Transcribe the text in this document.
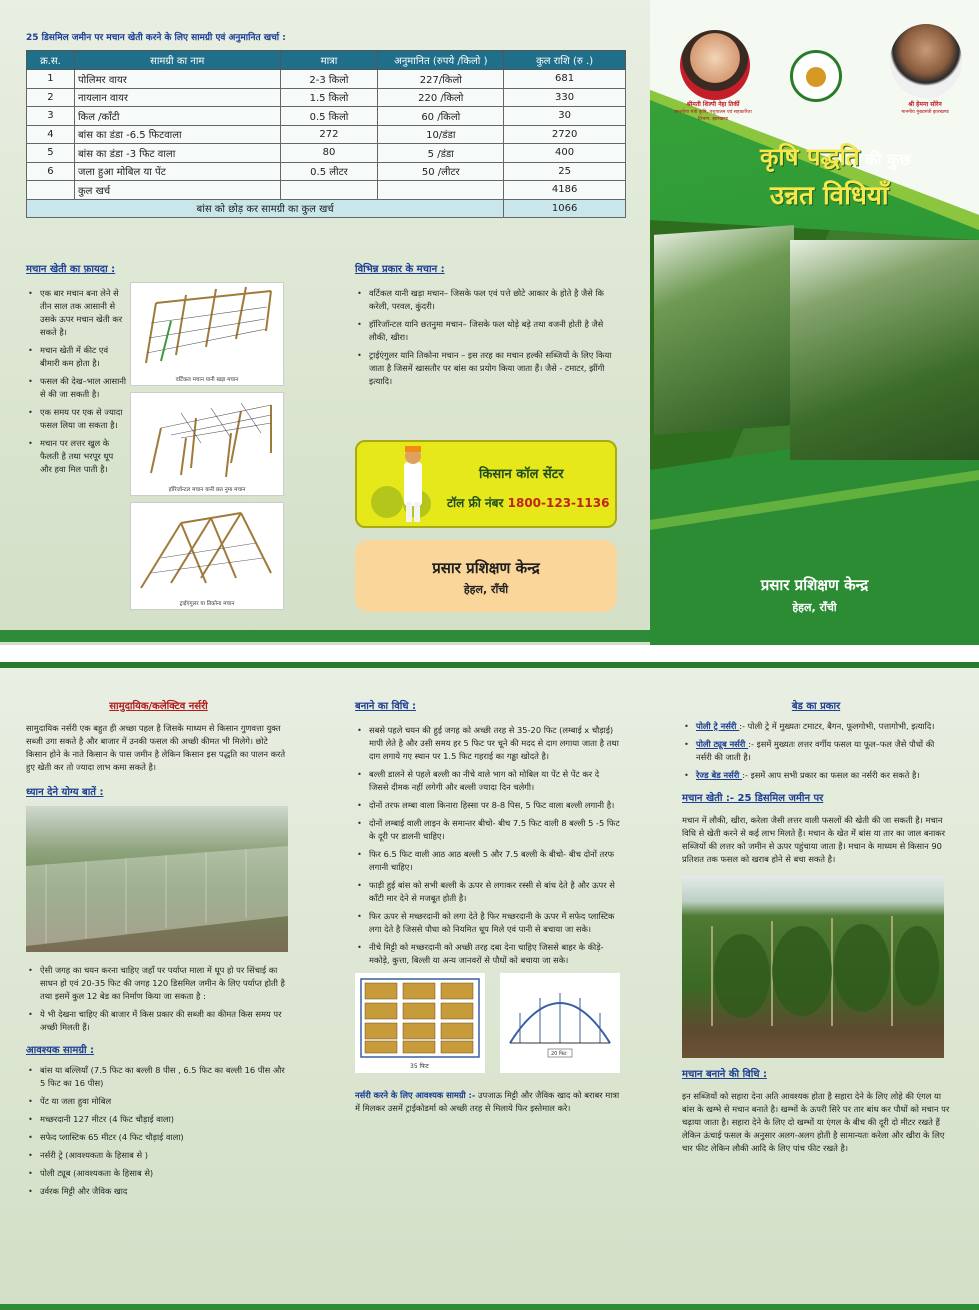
25 डिसमिल जमीन पर मचान खेती करने के लिए सामग्री एवं अनुमानित खर्चा :
क्र.स.	सामग्री का नाम	मात्रा	अनुमानित (रुपये /किलो )	कुल राशि (रु .)
1	पोलिमर वायर	2-3 किलो	227/किलो	681
2	नायलान वायर	1.5 किलो	220 /किलो	330
3	किल /काँटी	0.5 किलो	60 /किलो	30
4	बांस का डंडा -6.5 फिटवाला	272	10/डंडा	2720
5	बांस का डंडा -3 फिट वाला	80	5 /डंडा	400
6	जला हुआ मोबिल या पेंट	0.5 लीटर	50 /लीटर	25
	कुल खर्च			4186
बांस को छोड़ कर सामग्री का कुल खर्च				1066
मचान खेती का फ़ायदा :
• एक बार मचान बना लेने से तीन साल तक आसानी से उसके ऊपर मचान खेती कर सकते है।
• मचान खेती में कीट एवं बीमारी कम होता है।
• फसल की देख–भाल आसानी से की जा सकती है।
• एक समय पर एक से ज्यादा फसल लिया जा सकता है।
• मचान पर लत्तर खुल के फैलती है तथा भरपूर धूप और हवा मिल पाती है।
वर्टिकल मचान यानी खड़ा मचान
हॉरिजॉन्टल मचान यानी छत नुमा मचान
ट्राईएंगुलर या तिकोना मचान
विभिन्न प्रकार के मचान :
• वर्टिकल यानी खड़ा मचान– जिसके फल एवं पत्ते छोटे आकार के होते है जैसे कि करेली, परवल, कुंदरी।
• हॉरिजॉन्टल यानि छतनुमा मचान– जिसके फल थोड़े बड़े तथा वजनी होती है जैसे लौकी, खीरा।
• ट्राईएंगुलर यानि तिकोना मचान – इस तरह का मचान हल्की सब्जियों के लिए किया जाता है जिसमें खासतौर पर बांस का प्रयोग किया जाता हैं। जैसे - टमाटर, झींगी इत्यादि।
किसान कॉल सेंटर
टॉल फ्री नंबर 1800-123-1136
प्रसार प्रशिक्षण केन्द्र
हेहल, राँची
श्रीमती शिल्पी नेहा तिर्की
माननीया मंत्री कृषि, पशुपालन एवं सहकारिता विभाग, झारखण्ड
श्री हेमन्त सोरेन
माननीय मुख्यमंत्री झारखण्ड
कृषि पद्धति की कुछ
उन्नत विधियाँ
प्रसार प्रशिक्षण केन्द्र
हेहल, राँची
सामुदायिक/कलेक्टिव नर्सरी

सामुदायिक नर्सरी एक बहुत ही अच्छा पहल है जिसके माध्यम से किसान गुणवत्ता युक्त सब्जी उगा सकते है और बाजार में उनकी फसल की अच्छी कीमत भी मिलेगे। छोटे किसान होने के नाते किसान के पास जमीन है लेकिन किसान इस पद्धति का पालन करते हुए खेती कर तो ज्यादा लाभ कमा सकते है।

ध्यान देने योग्य बातें :
• ऐसी जगह का चयन करना चाहिए जहाँ पर पर्याप्त माला में धूप हो पर सिंचाई का साधन हो एवं 20-35 फिट की जगह 120 डिसमिल जमीन के लिए पर्याप्त होती है तथा इसमें कुल 12 बेड का निर्माण किया जा सकता है :
• ये भी देखना चाहिए की बाजार में किस प्रकार की सब्जी का कीमत किस समय पर अच्छी मिलती हैं।
आवश्यक सामग्री :
• बांस या बल्लियाँ (7.5 फिट का बल्ली 8 पीस , 6.5 फिट का बल्ली 16 पीस और 5 फिट का 16 पीस)
• पेंट या जला हुवा मोबिल
• मच्छरदानी 127 मीटर (4 फिट चौड़ाई वाला)
• सफेद प्लास्टिक 65 मीटर (4 फिट चौड़ाई वाला)
• नर्सरी ट्रे (आवश्यकता के हिसाब से )
• पोली ट्यूब (आवश्यकता के हिसाब से)
• उर्वरक मिट्टी और जैविक खाद
बनाने का विधि :
• सबसे पहले चयन की हुई जगह को अच्छी तरह से 35-20 फिट (लम्बाई x चौड़ाई) मापी लेते है और उसी समय हर 5 फिट पर चूने की मदद से दाग लगाया जाता है तथा दाग लगाये गए स्थान पर 1.5 फिट गहराई का गड्ढा खोदते है।
• बल्ली डालने से पहले बल्ली का नीचे वाले भाग को मोबिल या पेंट से पेंट कर दे जिससे दीमक नहीं लगेगी और बल्ली ज्यादा दिन चलेगी।
• दोनों तरफ लम्बा वाला किनारा हिस्सा पर 8-8 पिस, 5 फिट वाला बल्ली लगानी है।
• दोनों लम्बाई वाली लाइन के समान्तर बीचो- बीच 7.5 फिट वाली 8 बल्ली 5 -5 फिट के दूरी पर डालनी चाहिए।
• फिर 6.5 फिट वाली आठ आठ बल्ली 5 और 7.5 बल्ली के बीचो- बीच दोनों तरफ लगानी चाहिए।
• फाड़ी हुई बांस को सभी बल्ली के ऊपर से लगाकर रस्सी से बांध देते है और ऊपर से काँटी मार देने से मजबूत होती है।
• फिर ऊपर से मच्छरदानी को लगा देते है फिर मच्छरदानी के ऊपर में सफेद प्लास्टिक लगा देते है जिससे पौधा को नियमित धूप मिले एवं पानी से बचाया जा सके।
• नीचे मिट्टी को मच्छरदानी को अच्छी तरह दबा देना चाहिए जिससे बाहर के कीड़े-मकोड़े, कुत्ता, बिल्ली या अन्य जानवरों से पौधों को बचाया जा सके।
35 फिट
20 फिट

नर्सरी करने के लिए आवश्यक सामग्री :- उपजाऊ मिट्टी और जैविक खाद को बराबर मात्रा में मिलकर उसमें ट्राईकोडर्मा को अच्छी तरह से मिलाये फिर इस्तेमाल करे।

बेड का प्रकार
• पोली ट्रे नर्सरी :- पोली ट्रे में मुख्यतः टमाटर, बैगन, फूलगोभी, पत्तागोभी, इत्यादि।
• पोली ट्यूब नर्सरी :- इसमें मुख्यतः लत्तर वर्गीय फसल या फूल–फल जैसे पौधों की नर्सरी की जाती है।
• रेज्ड बेड नर्सरी :- इसमें आप सभी प्रकार का फसल का नर्सरी कर सकते है।
मचान खेती :- 25 डिसमिल जमीन पर

मचान में लौकी, खीरा, करेला जैसी लत्तर वाली फसलों की खेती की जा सकती है। मचान विधि से खेती करने से कई लाभ मिलते हैं। मचान के खेत में बांस या तार का जाल बनाकर सब्जियों की लत्तर को जमीन से ऊपर पहुंचाया जाता है। मचान के माध्यम से किसान 90 प्रतिशत तक फसल को खराब होने से बचा सकते है।

मचान बनाने की विधि :

इन सब्जियों को सहारा देना अति आवश्यक होता है सहारा देने के लिए लोहे की एंगल या बांस के खम्भे से मचान बनाते है। खम्भों के ऊपरी सिरे पर तार बांध कर पौधों को मचान पर चढ़ाया जाता है। सहारा देने के लिए दो खम्भों या एंगल के बीच की दूरी दो मीटर रखते हैं लेकिन ऊंचाई फसल के अनुसार अलग-अलग होती है सामान्यतः करेला और खीरा के लिए चार फीट लेकिन लौकी आदि के लिए पांच फीट रखते है।
